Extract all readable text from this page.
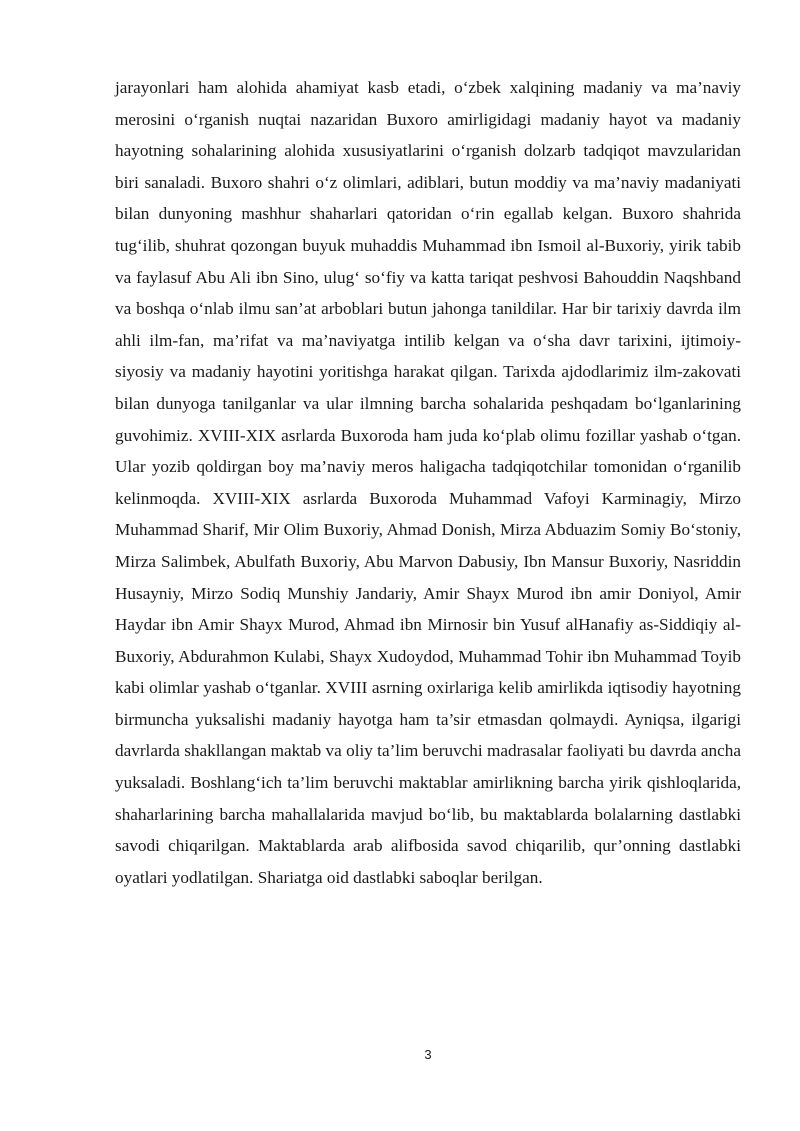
jarayonlari ham alohida ahamiyat kasb etadi, o‘zbek xalqining madaniy va ma’naviy merosini o‘rganish nuqtai nazaridan Buxoro amirligidagi madaniy hayot va madaniy hayotning sohalarining alohida xususiyatlarini o‘rganish dolzarb tadqiqot mavzularidan biri sanaladi. Buxoro shahri o‘z olimlari, adiblari, butun moddiy va ma’naviy madaniyati bilan dunyoning mashhur shaharlari qatoridan o‘rin egallab kelgan. Buxoro shahrida tug‘ilib, shuhrat qozongan buyuk muhaddis Muhammad ibn Ismoil al-Buxoriy, yirik tabib va faylasuf Abu Ali ibn Sino, ulug‘ so‘fiy va katta tariqat peshvosi Bahouddin Naqshband va boshqa o‘nlab ilmu san’at arboblari butun jahonga tanildilar. Har bir tarixiy davrda ilm ahli ilm-fan, ma’rifat va ma’naviyatga intilib kelgan va o‘sha davr tarixini, ijtimoiy-siyosiy va madaniy hayotini yoritishga harakat qilgan. Tarixda ajdodlarimiz ilm-zakovati bilan dunyoga tanilganlar va ular ilmning barcha sohalarida peshqadam bo‘lganlarining guvohimiz. XVIII-XIX asrlarda Buxoroda ham juda ko‘plab olimu fozillar yashab o‘tgan. Ular yozib qoldirgan boy ma’naviy meros haligacha tadqiqotchilar tomonidan o‘rganilib kelinmoqda. XVIII-XIX asrlarda Buxoroda Muhammad Vafoyi Karminagiy, Mirzo Muhammad Sharif, Mir Olim Buxoriy, Ahmad Donish, Mirza Abduazim Somiy Bo‘stoniy, Mirza Salimbek, Abulfath Buxoriy, Abu Marvon Dabusiy, Ibn Mansur Buxoriy, Nasriddin Husayniy, Mirzo Sodiq Munshiy Jandariy, Amir Shayx Murod ibn amir Doniyol, Amir Haydar ibn Amir Shayx Murod, Ahmad ibn Mirnosir bin Yusuf alHanafiy as-Siddiqiy al-Buxoriy, Abdurahmon Kulabi, Shayx Xudoydod, Muhammad Tohir ibn Muhammad Toyib kabi olimlar yashab o‘tganlar. XVIII asrning oxirlariga kelib amirlikda iqtisodiy hayotning birmuncha yuksalishi madaniy hayotga ham ta’sir etmasdan qolmaydi. Ayniqsa, ilgarigi davrlarda shakllangan maktab va oliy ta’lim beruvchi madrasalar faoliyati bu davrda ancha yuksaladi. Boshlang‘ich ta’lim beruvchi maktablar amirlikning barcha yirik qishloqlarida, shaharlarining barcha mahallalarida mavjud bo‘lib, bu maktablarda bolalarning dastlabki savodi chiqarilgan. Maktablarda arab alifbosida savod chiqarilib, qur’onning dastlabki oyatlari yodlatilgan. Shariatga oid dastlabki saboqlar berilgan.

3
